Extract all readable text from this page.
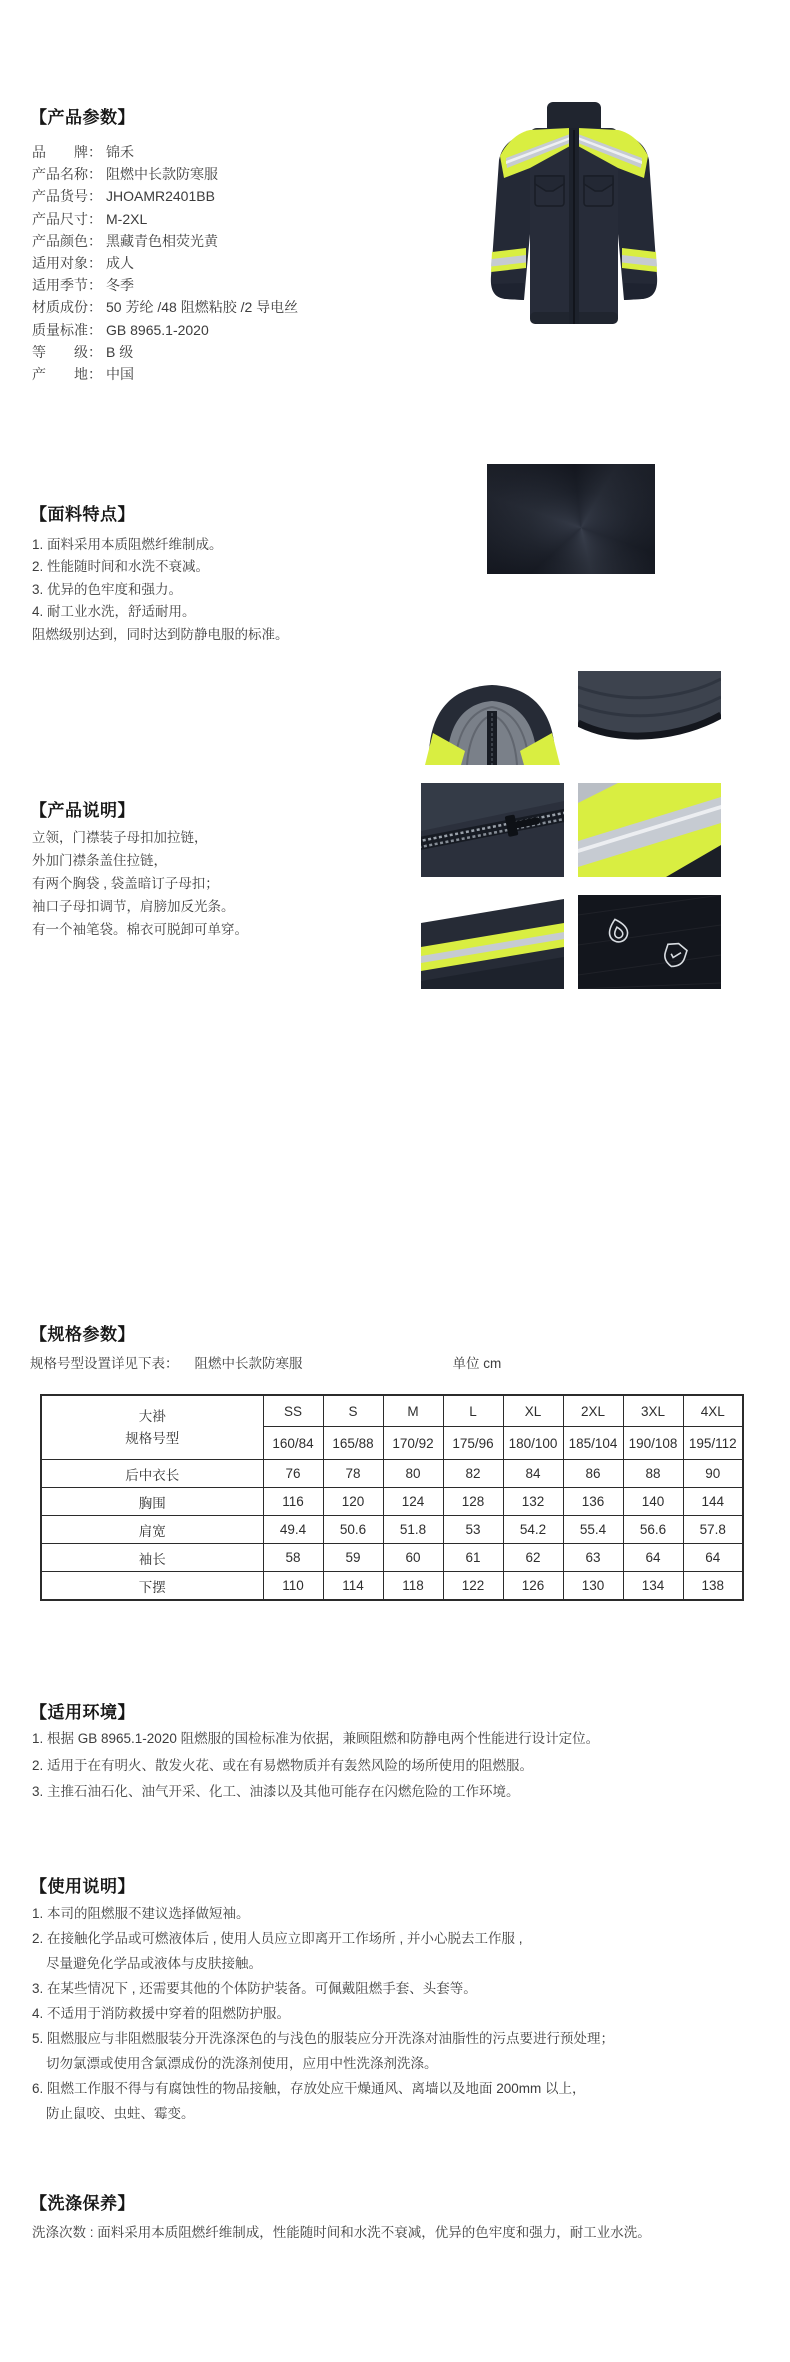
【产品参数】
品　　牌： 锦禾
产品名称： 阻燃中长款防寒服
产品货号： JHOAMR2401BB
产品尺寸： M-2XL
产品颜色： 黑藏青色相荧光黄
适用对象： 成人
适用季节： 冬季
材质成份： 50 芳纶 /48 阻燃粘胶 /2 导电丝
质量标准： GB 8965.1-2020
等　　级： B 级
产　　地： 中国
【面料特点】
1. 面料采用本质阻燃纤维制成。
2. 性能随时间和水洗不衰减。
3. 优异的色牢度和强力。
4. 耐工业水洗，舒适耐用。
阻燃级别达到，同时达到防静电服的标准。
【产品说明】
立领，门襟装子母扣加拉链，
外加门襟条盖住拉链，
有两个胸袋 , 袋盖暗订子母扣；
袖口子母扣调节，肩膀加反光条。
有一个袖笔袋。棉衣可脱卸可单穿。
【规格参数】
规格号型设置详见下表： 阻燃中长款防寒服	单位 cm
大褂
规格号型	SS	S	M	L	XL	2XL	3XL	4XL
	160/84	165/88	170/92	175/96	180/100	185/104	190/108	195/112
后中衣长	76	78	80	82	84	86	88	90
胸围	116	120	124	128	132	136	140	144
肩宽	49.4	50.6	51.8	53	54.2	55.4	56.6	57.8
袖长	58	59	60	61	62	63	64	64
下摆	110	114	118	122	126	130	134	138
【适用环境】
1. 根据 GB 8965.1-2020 阻燃服的国检标准为依据，兼顾阻燃和防静电两个性能进行设计定位。
2. 适用于在有明火、散发火花、或在有易燃物质并有轰然风险的场所使用的阻燃服。
3. 主推石油石化、油气开采、化工、油漆以及其他可能存在闪燃危险的工作环境。
【使用说明】
1. 本司的阻燃服不建议选择做短袖。
2. 在接触化学品或可燃液体后 , 使用人员应立即离开工作场所 , 并小心脱去工作服 ,
尽量避免化学品或液体与皮肤接触。
3. 在某些情况下 , 还需要其他的个体防护装备。可佩戴阻燃手套、头套等。
4. 不适用于消防救援中穿着的阻燃防护服。
5. 阻燃服应与非阻燃服装分开洗涤深色的与浅色的服装应分开洗涤对油脂性的污点要进行预处理；
切勿氯漂或使用含氯漂成份的洗涤剂使用，应用中性洗涤剂洗涤。
6. 阻燃工作服不得与有腐蚀性的物品接触，存放处应干燥通风、离墙以及地面 200mm 以上，
防止鼠咬、虫蛀、霉变。
【洗涤保养】
洗涤次数 : 面料采用本质阻燃纤维制成，性能随时间和水洗不衰减，优异的色牢度和强力，耐工业水洗。
